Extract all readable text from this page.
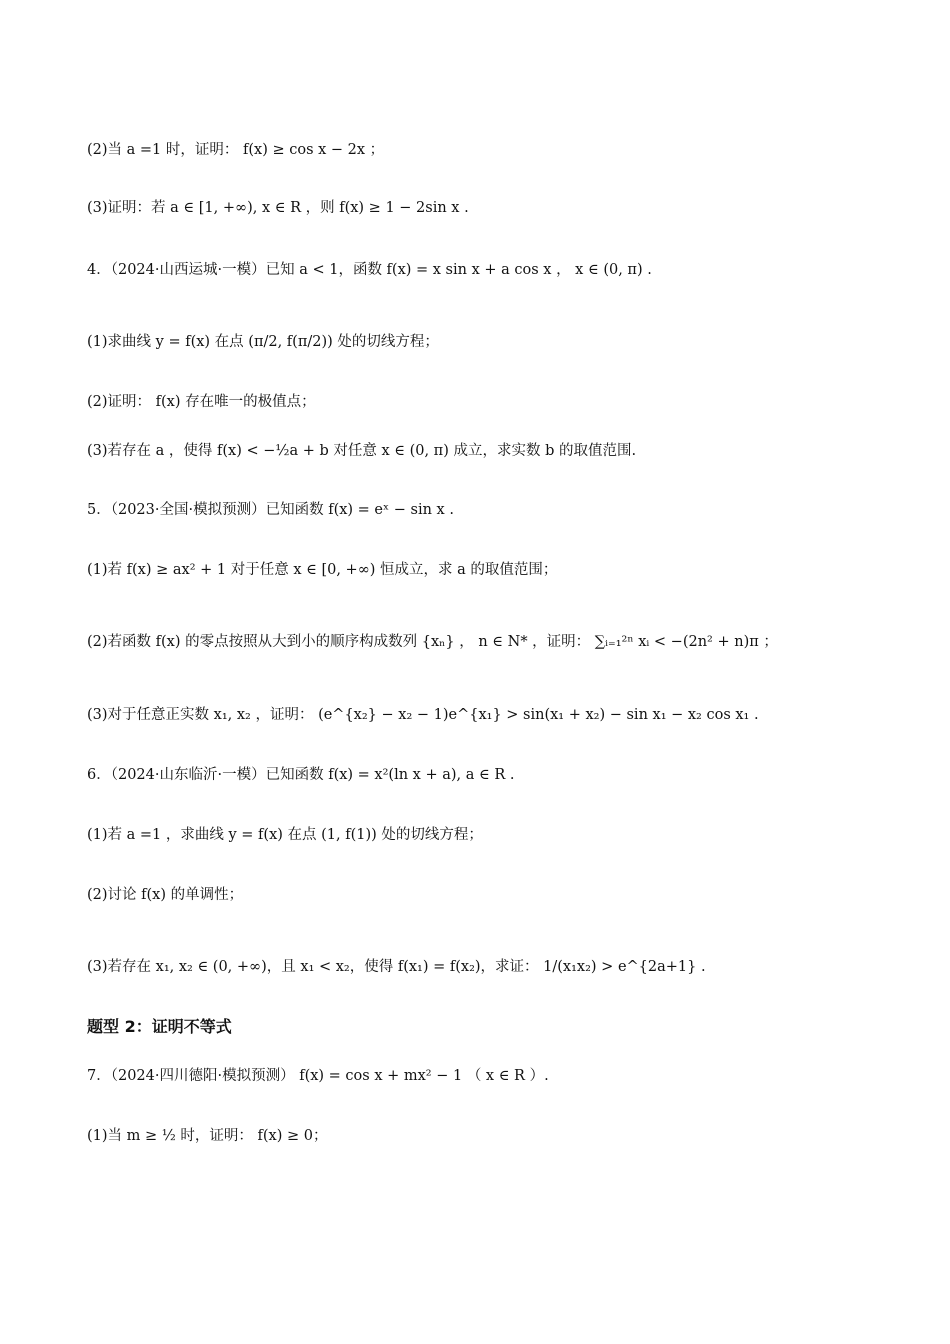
(2)当 a =1 时，证明： f(x) ≥ cos x − 2x ；
(3)证明：若 a ∈ [1, +∞), x ∈ R ，则 f(x) ≥ 1 − 2sin x .
4．（2024·山西运城·一模）已知 a < 1，函数 f(x) = x sin x + a cos x ， x ∈ (0, π) .
(1)求曲线 y = f(x) 在点 (π/2, f(π/2)) 处的切线方程；
(2)证明： f(x) 存在唯一的极值点；
(3)若存在 a ，使得 f(x) < −½a + b 对任意 x ∈ (0, π) 成立，求实数 b 的取值范围.
5．（2023·全国·模拟预测）已知函数 f(x) = eˣ − sin x .
(1)若 f(x) ≥ ax² + 1 对于任意 x ∈ [0, +∞) 恒成立，求 a 的取值范围；
(2)若函数 f(x) 的零点按照从大到小的顺序构成数列 {xₙ} ， n ∈ N* ，证明： ∑ᵢ₌₁²ⁿ xᵢ < −(2n² + n)π ；
(3)对于任意正实数 x₁, x₂ ，证明： (e^{x₂} − x₂ − 1)e^{x₁} > sin(x₁ + x₂) − sin x₁ − x₂ cos x₁ .
6．（2024·山东临沂·一模）已知函数 f(x) = x²(ln x + a), a ∈ R .
(1)若 a =1 ，求曲线 y = f(x) 在点 (1, f(1)) 处的切线方程；
(2)讨论 f(x) 的单调性；
(3)若存在 x₁, x₂ ∈ (0, +∞)，且 x₁ < x₂，使得 f(x₁) = f(x₂)，求证： 1/(x₁x₂) > e^{2a+1} .
题型 2：证明不等式
7．（2024·四川德阳·模拟预测） f(x) = cos x + mx² − 1 （ x ∈ R ）.
(1)当 m ≥ ½ 时，证明： f(x) ≥ 0；
